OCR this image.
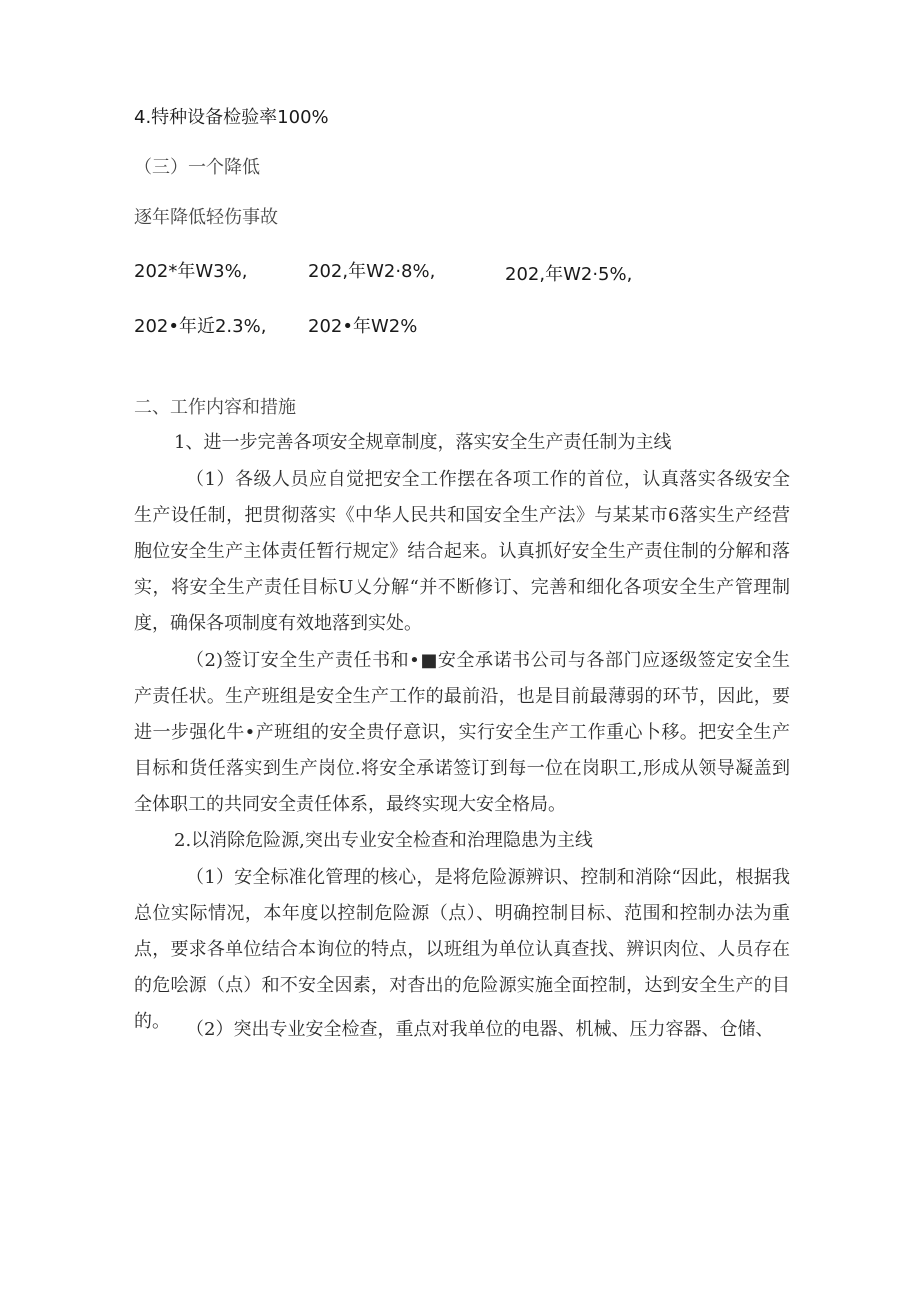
4.特种设备检验率100%
（三）一个降低
逐年降低轻伤事故
202*年W3%,	202,年W2·8%,	202,年W2·5%,
202•年近2.3%, 202•年W2%
二、工作内容和措施
1、进一步完善各项安全规章制度，落实安全生产责任制为主线

（1）各级人员应自觉把安全工作摆在各项工作的首位，认真落实各级安全生产设任制，把贯彻落实《中华人民共和国安全生产法》与某某市6落实生产经营胞位安全生产主体责任暂行规定》结合起来。认真抓好安全生产责住制的分解和落实，将安全生产责任目标U乂分解“并不断修订、完善和细化各项安全生产管理制度，确保各项制度有效地落到实处。

（2)签订安全生产责任书和•■安全承诺书公司与各部门应逐级签定安全生产责任状。生产班组是安全生产工作的最前沿，也是目前最薄弱的环节，因此，要进一步强化牛•产班组的安全贵仔意识，实行安全生产工作重心卜移。把安全生产目标和货任落实到生产岗位.将安全承诺签订到每一位在岗职工,形成从领导凝盖到全体职工的共同安全责任体系，最终实现大安全格局。

2.以消除危险源,突出专业安全检查和治理隐患为主线

（1）安全标准化管理的核心，是将危险源辨识、控制和消除“因此，根据我总位实际情况，本年度以控制危险源（点）、明确控制目标、范围和控制办法为重点，要求各单位结合本询位的特点，以班组为单位认真查找、辨识肉位、人员存在的危哙源（点）和不安全因素，对杳出的危险源实施全面控制，达到安全生产的目的。 （2）突出专业安全检查，重点对我单位的电器、机械、压力容器、仓储、
